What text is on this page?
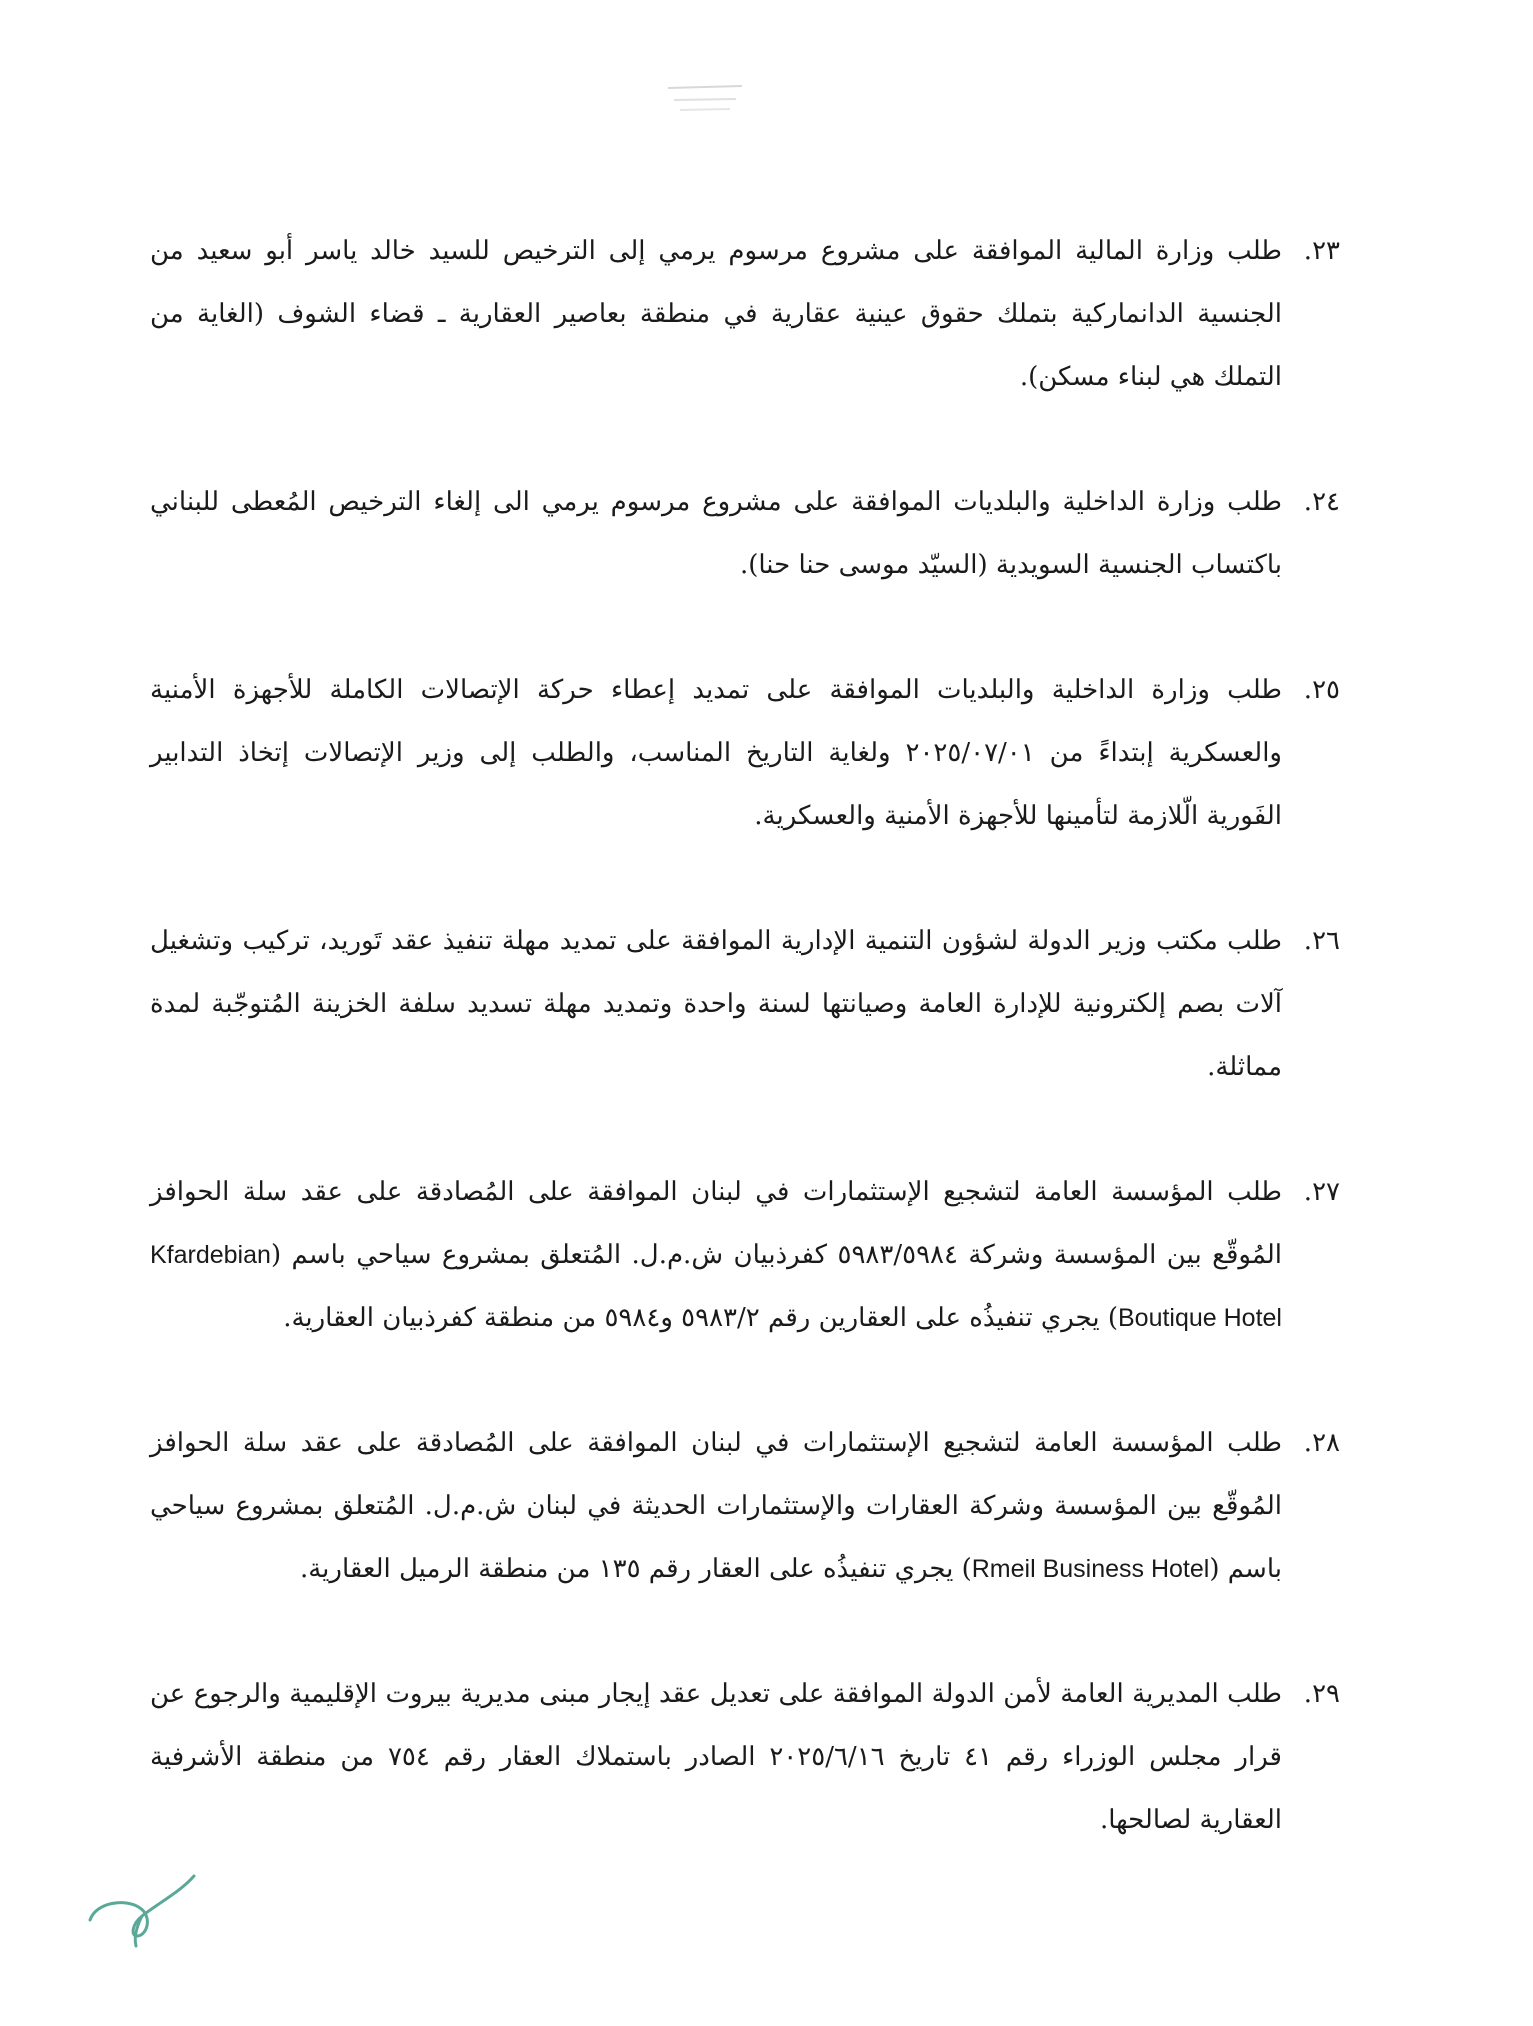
٢٣.
طلب وزارة المالية الموافقة على مشروع مرسوم يرمي إلى الترخيص للسيد خالد ياسر أبو سعيد من الجنسية الدانماركية بتملك حقوق عينية عقارية في منطقة بعاصير العقارية ـ قضاء الشوف (الغاية من التملك هي لبناء مسكن).
٢٤.
طلب وزارة الداخلية والبلديات الموافقة على مشروع مرسوم يرمي الى إلغاء الترخيص المُعطى للبناني باكتساب الجنسية السويدية (السيّد موسى حنا حنا).
٢٥.
طلب وزارة الداخلية والبلديات الموافقة على تمديد إعطاء حركة الإتصالات الكاملة للأجهزة الأمنية والعسكرية إبتداءً من ٢٠٢٥/٠٧/٠١ ولغاية التاريخ المناسب، والطلب إلى وزير الإتصالات إتخاذ التدابير الفَورية الّلازمة لتأمينها للأجهزة الأمنية والعسكرية.
٢٦.
طلب مكتب وزير الدولة لشؤون التنمية الإدارية الموافقة على تمديد مهلة تنفيذ عقد تَوريد، تركيب وتشغيل آلات بصم إلكترونية للإدارة العامة وصيانتها لسنة واحدة وتمديد مهلة تسديد سلفة الخزينة المُتوجّبة لمدة مماثلة.
٢٧.
طلب المؤسسة العامة لتشجيع الإستثمارات في لبنان الموافقة على المُصادقة على عقد سلة الحوافز المُوقّع بين المؤسسة وشركة ٥٩٨٣/٥٩٨٤ كفرذبيان ش.م.ل. المُتعلق بمشروع سياحي باسم (Kfardebian Boutique Hotel) يجري تنفيذُه على العقارين رقم ٥٩٨٣/٢ و٥٩٨٤ من منطقة كفرذبيان العقارية.
٢٨.
طلب المؤسسة العامة لتشجيع الإستثمارات في لبنان الموافقة على المُصادقة على عقد سلة الحوافز المُوقّع بين المؤسسة وشركة العقارات والإستثمارات الحديثة في لبنان ش.م.ل. المُتعلق بمشروع سياحي باسم (Rmeil Business Hotel) يجري تنفيذُه على العقار رقم ١٣٥ من منطقة الرميل العقارية.
٢٩.
طلب المديرية العامة لأمن الدولة الموافقة على تعديل عقد إيجار مبنى مديرية بيروت الإقليمية والرجوع عن قرار مجلس الوزراء رقم ٤١ تاريخ ٢٠٢٥/٦/١٦ الصادر باستملاك العقار رقم ٧٥٤ من منطقة الأشرفية العقارية لصالحها.
